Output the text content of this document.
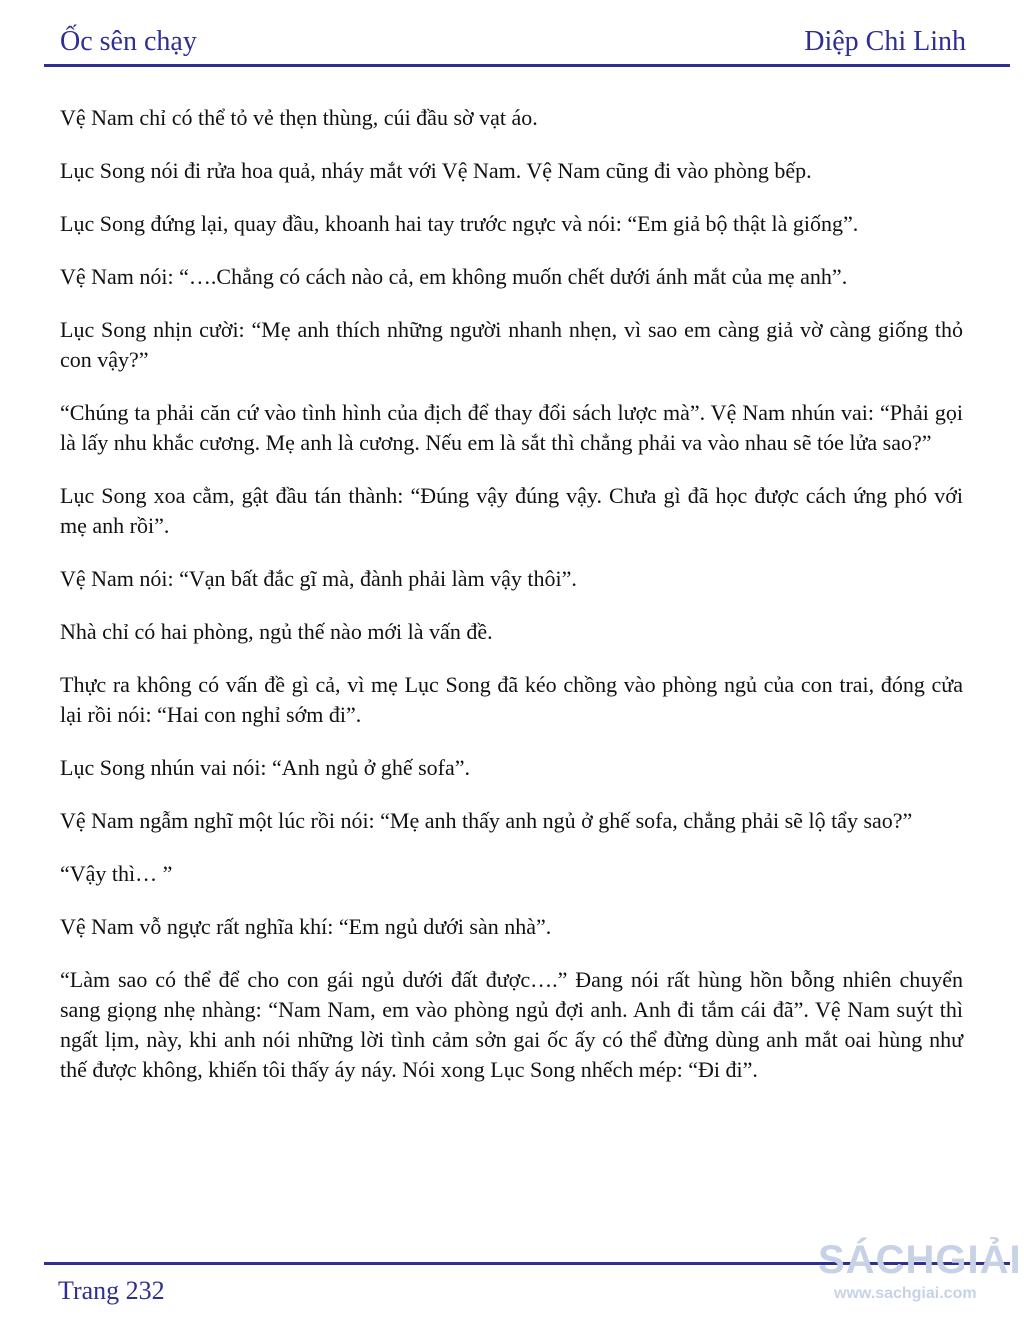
Ốc sên chạy	Diệp Chi Linh

Vệ Nam chỉ có thể tỏ vẻ thẹn thùng, cúi đầu sờ vạt áo.

Lục Song nói đi rửa hoa quả, nháy mắt với Vệ Nam. Vệ Nam cũng đi vào phòng bếp.

Lục Song đứng lại, quay đầu, khoanh hai tay trước ngực và nói: “Em giả bộ thật là giống”.

Vệ Nam nói: “….Chẳng có cách nào cả, em không muốn chết dưới ánh mắt của mẹ anh”.

Lục Song nhịn cười: “Mẹ anh thích những người nhanh nhẹn, vì sao em càng giả vờ càng giống thỏ con vậy?”

“Chúng ta phải căn cứ vào tình hình của địch để thay đổi sách lược mà”. Vệ Nam nhún vai: “Phải gọi là lấy nhu khắc cương. Mẹ anh là cương. Nếu em là sắt thì chẳng phải va vào nhau sẽ tóe lửa sao?”

Lục Song xoa cằm, gật đầu tán thành: “Đúng vậy đúng vậy. Chưa gì đã học được cách ứng phó với mẹ anh rồi”.

Vệ Nam nói: “Vạn bất đắc gĩ mà, đành phải làm vậy thôi”.

Nhà chỉ có hai phòng, ngủ thế nào mới là vấn đề.

Thực ra không có vấn đề gì cả, vì mẹ Lục Song đã kéo chồng vào phòng ngủ của con trai, đóng cửa lại rồi nói: “Hai con nghỉ sớm đi”.

Lục Song nhún vai nói: “Anh ngủ ở ghế sofa”.

Vệ Nam ngẫm nghĩ một lúc rồi nói: “Mẹ anh thấy anh ngủ ở ghế sofa, chẳng phải sẽ lộ tẩy sao?”

“Vậy thì… ”

Vệ Nam vỗ ngực rất nghĩa khí: “Em ngủ dưới sàn nhà”.

“Làm sao có thể để cho con gái ngủ dưới đất được….” Đang nói rất hùng hồn bỗng nhiên chuyển sang giọng nhẹ nhàng: “Nam Nam, em vào phòng ngủ đợi anh. Anh đi tắm cái đã”. Vệ Nam suýt thì ngất lịm, này, khi anh nói những lời tình cảm sởn gai ốc ấy có thể đừng dùng anh mắt oai hùng như thế được không, khiến tôi thấy áy náy. Nói xong Lục Song nhếch mép: “Đi đi”.

Trang 232
SÁCHGIẢI
www.sachgiai.com
